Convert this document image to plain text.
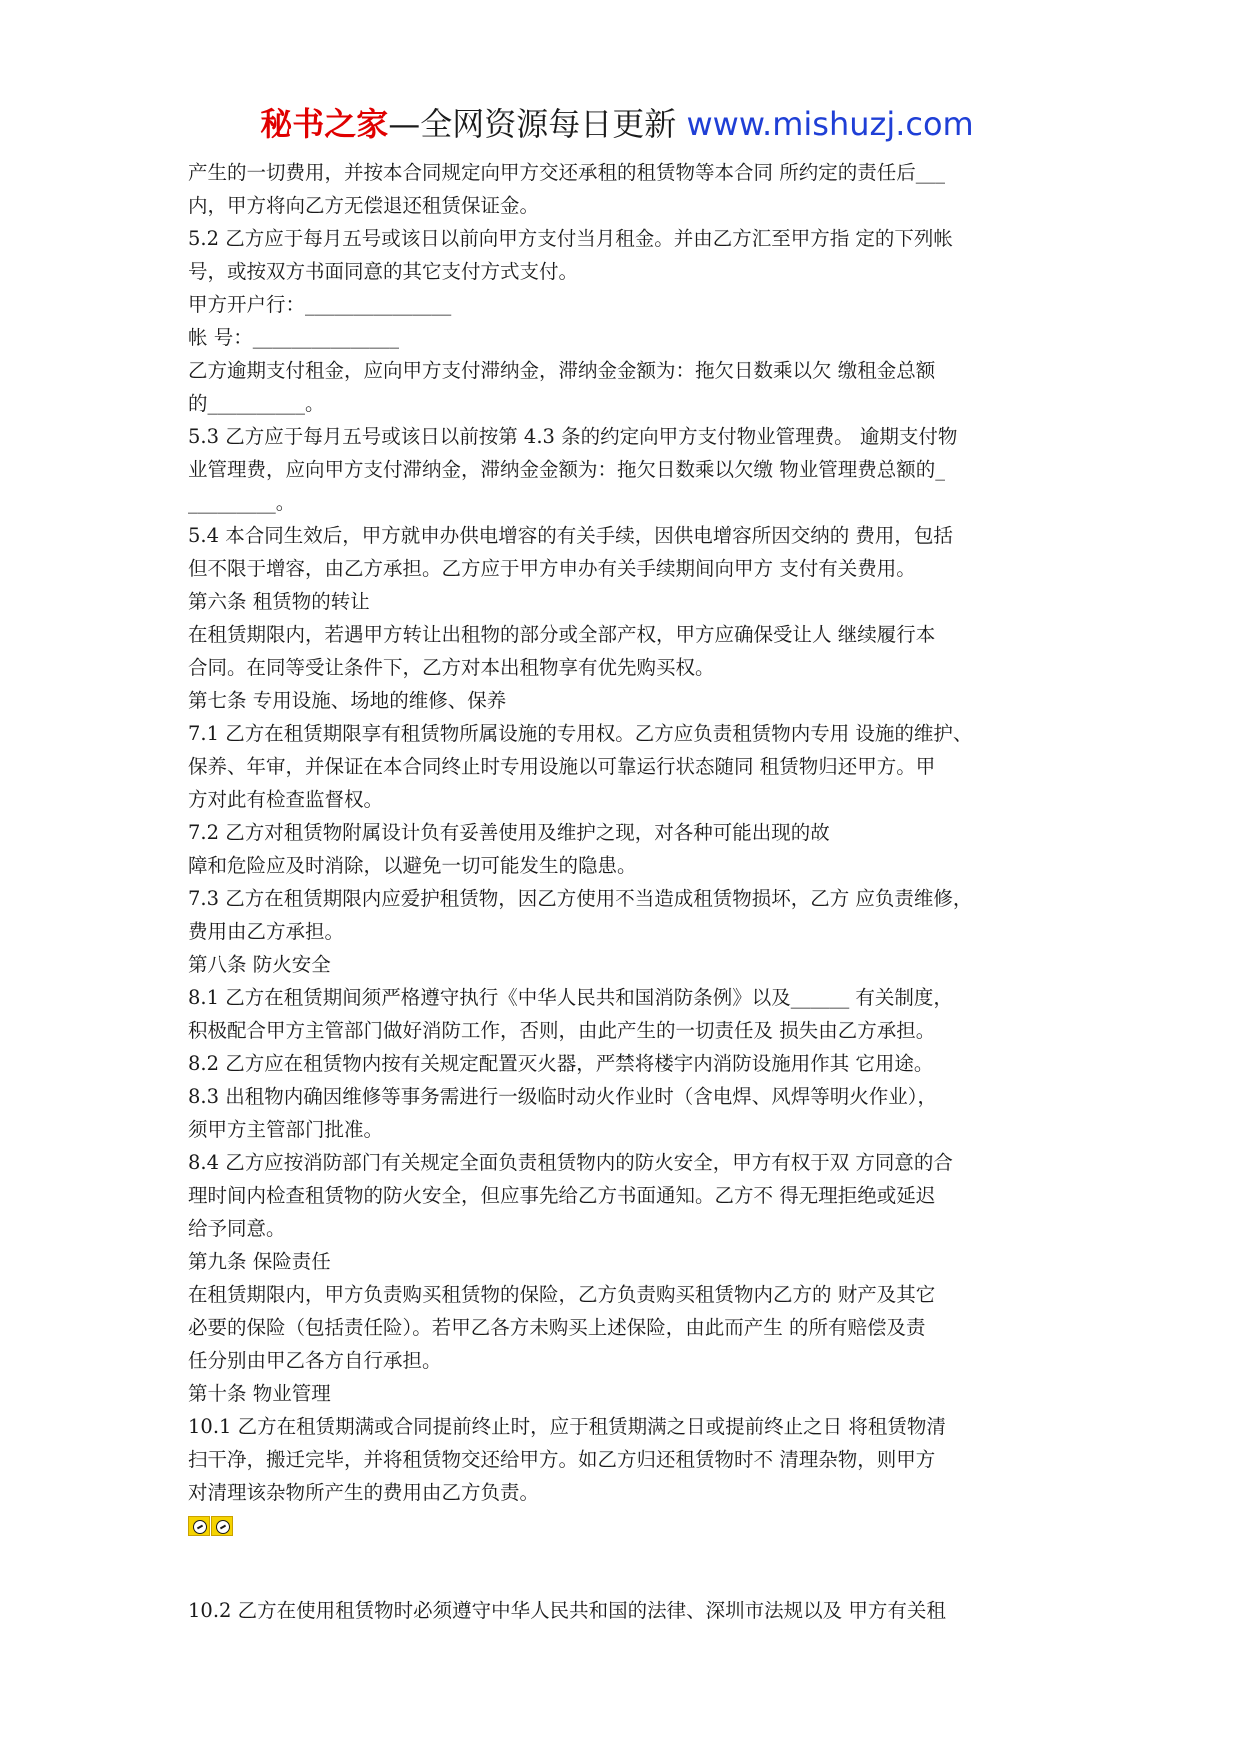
秘书之家—全网资源每日更新 www.mishuzj.com
产生的一切费用，并按本合同规定向甲方交还承租的租赁物等本合同 所约定的责任后___
内，甲方将向乙方无偿退还租赁保证金。
5.2 乙方应于每月五号或该日以前向甲方支付当月租金。并由乙方汇至甲方指 定的下列帐
号，或按双方书面同意的其它支付方式支付。
甲方开户行：_______________
帐 号：_______________
乙方逾期支付租金，应向甲方支付滞纳金，滞纳金金额为：拖欠日数乘以欠 缴租金总额
的__________。
5.3 乙方应于每月五号或该日以前按第 4.3 条的约定向甲方支付物业管理费。 逾期支付物
业管理费，应向甲方支付滞纳金，滞纳金金额为：拖欠日数乘以欠缴 物业管理费总额的_
_________。
5.4 本合同生效后，甲方就申办供电增容的有关手续，因供电增容所因交纳的 费用，包括
但不限于增容，由乙方承担。乙方应于甲方申办有关手续期间向甲方 支付有关费用。
第六条 租赁物的转让
在租赁期限内，若遇甲方转让出租物的部分或全部产权，甲方应确保受让人 继续履行本
合同。在同等受让条件下，乙方对本出租物享有优先购买权。
第七条 专用设施、场地的维修、保养
7.1 乙方在租赁期限享有租赁物所属设施的专用权。乙方应负责租赁物内专用 设施的维护、
保养、年审，并保证在本合同终止时专用设施以可靠运行状态随同 租赁物归还甲方。甲
方对此有检查监督权。
7.2 乙方对租赁物附属设计负有妥善使用及维护之现，对各种可能出现的故
障和危险应及时消除，以避免一切可能发生的隐患。
7.3 乙方在租赁期限内应爱护租赁物，因乙方使用不当造成租赁物损坏，乙方 应负责维修，
费用由乙方承担。
第八条 防火安全
8.1 乙方在租赁期间须严格遵守执行《中华人民共和国消防条例》以及______ 有关制度，
积极配合甲方主管部门做好消防工作，否则，由此产生的一切责任及 损失由乙方承担。
8.2 乙方应在租赁物内按有关规定配置灭火器，严禁将楼宇内消防设施用作其 它用途。
8.3 出租物内确因维修等事务需进行一级临时动火作业时（含电焊、风焊等明火作业），
须甲方主管部门批准。
8.4 乙方应按消防部门有关规定全面负责租赁物内的防火安全，甲方有权于双 方同意的合
理时间内检查租赁物的防火安全，但应事先给乙方书面通知。乙方不 得无理拒绝或延迟
给予同意。
第九条 保险责任
在租赁期限内，甲方负责购买租赁物的保险，乙方负责购买租赁物内乙方的 财产及其它
必要的保险（包括责任险）。若甲乙各方未购买上述保险，由此而产生 的所有赔偿及责
任分别由甲乙各方自行承担。
第十条 物业管理
10.1 乙方在租赁期满或合同提前终止时，应于租赁期满之日或提前终止之日 将租赁物清
扫干净，搬迁完毕，并将租赁物交还给甲方。如乙方归还租赁物时不 清理杂物，则甲方
对清理该杂物所产生的费用由乙方负责。
10.2 乙方在使用租赁物时必须遵守中华人民共和国的法律、深圳市法规以及 甲方有关租
